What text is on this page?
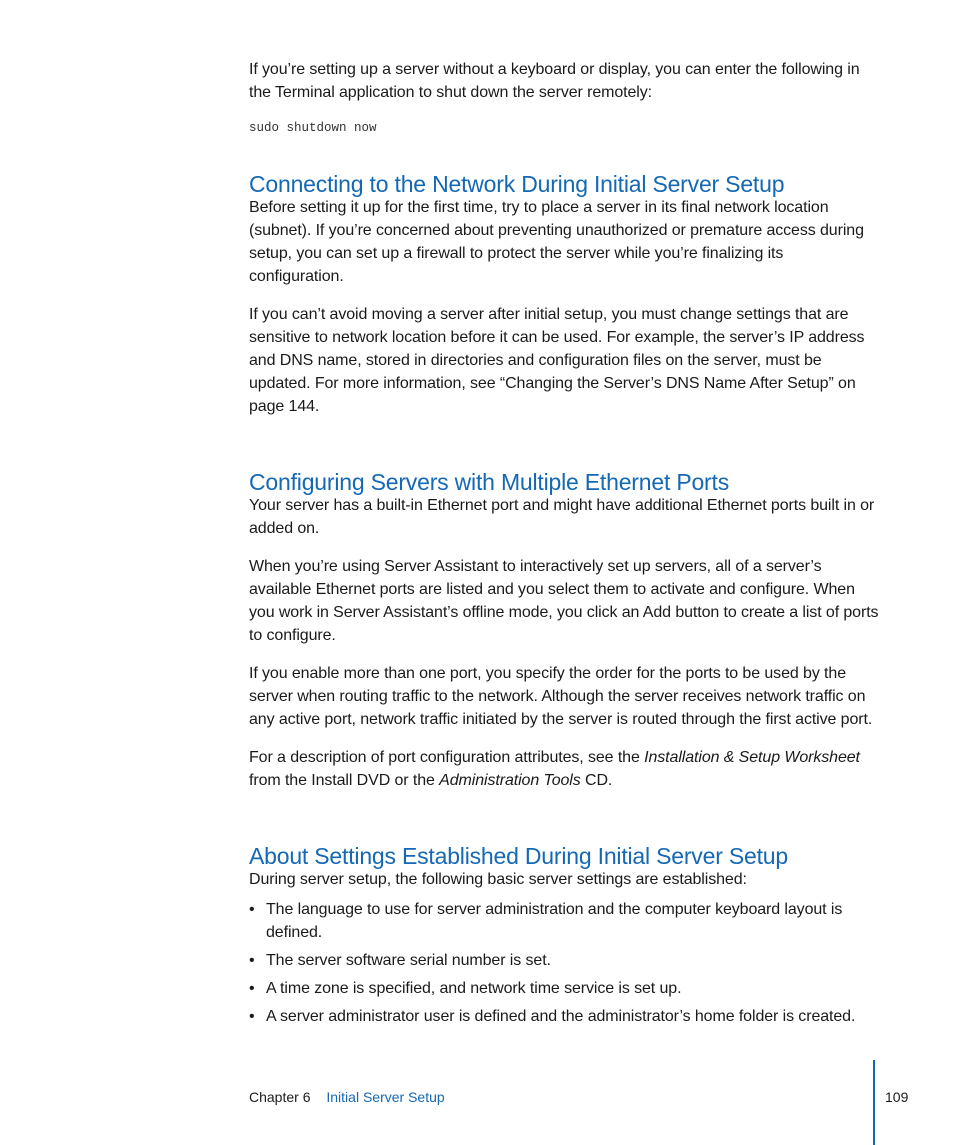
If you’re setting up a server without a keyboard or display, you can enter the following in the Terminal application to shut down the server remotely:

sudo shutdown now
Connecting to the Network During Initial Server Setup

Before setting it up for the first time, try to place a server in its final network location (subnet). If you’re concerned about preventing unauthorized or premature access during setup, you can set up a firewall to protect the server while you’re finalizing its configuration.

If you can’t avoid moving a server after initial setup, you must change settings that are sensitive to network location before it can be used. For example, the server’s IP address and DNS name, stored in directories and configuration files on the server, must be updated. For more information, see “Changing the Server’s DNS Name After Setup” on page 144.

Configuring Servers with Multiple Ethernet Ports

Your server has a built-in Ethernet port and might have additional Ethernet ports built in or added on.

When you’re using Server Assistant to interactively set up servers, all of a server’s available Ethernet ports are listed and you select them to activate and configure. When you work in Server Assistant’s offline mode, you click an Add button to create a list of ports to configure.

If you enable more than one port, you specify the order for the ports to be used by the server when routing traffic to the network. Although the server receives network traffic on any active port, network traffic initiated by the server is routed through the first active port.

For a description of port configuration attributes, see the Installation & Setup Worksheet from the Install DVD or the Administration Tools CD.

About Settings Established During Initial Server Setup

During server setup, the following basic server settings are established:

• The language to use for server administration and the computer keyboard layout is defined.
• The server software serial number is set.
• A time zone is specified, and network time service is set up.
• A server administrator user is defined and the administrator’s home folder is created.
Chapter 6 Initial Server Setup	109
